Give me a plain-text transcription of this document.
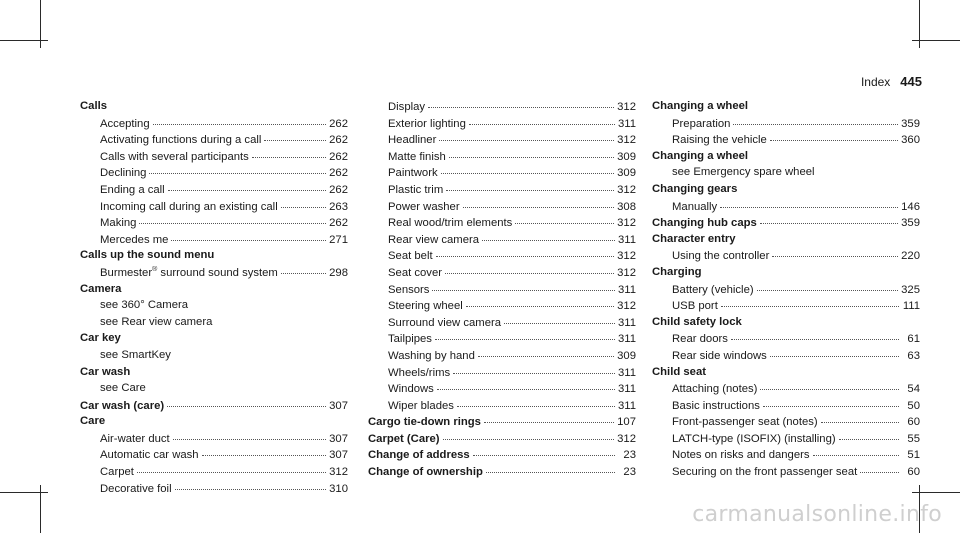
Index 445
Calls
Accepting	262
Activating functions during a call	262
Calls with several participants	262
Declining	262
Ending a call	262
Incoming call during an existing call	263
Making	262
Mercedes me	271
Calls up the sound menu
Burmester® surround sound system	298
Camera
see 360° Camera
see Rear view camera
Car key
see SmartKey
Car wash
see Care
Car wash (care)	307
Care
Air-water duct	307
Automatic car wash	307
Carpet	312
Decorative foil	310
Display	312
Exterior lighting	311
Headliner	312
Matte finish	309
Paintwork	309
Plastic trim	312
Power washer	308
Real wood/trim elements	312
Rear view camera	311
Seat belt	312
Seat cover	312
Sensors	311
Steering wheel	312
Surround view camera	311
Tailpipes	311
Washing by hand	309
Wheels/rims	311
Windows	311
Wiper blades	311
Cargo tie-down rings	107
Carpet (Care)	312
Change of address	23
Change of ownership	23
Changing a wheel
Preparation	359
Raising the vehicle	360
Changing a wheel
see Emergency spare wheel
Changing gears
Manually	146
Changing hub caps	359
Character entry
Using the controller	220
Charging
Battery (vehicle)	325
USB port	111
Child safety lock
Rear doors	61
Rear side windows	63
Child seat
Attaching (notes)	54
Basic instructions	50
Front-passenger seat (notes)	60
LATCH-type (ISOFIX) (installing)	55
Notes on risks and dangers	51
Securing on the front passenger seat	60
carmanualsonline.info
